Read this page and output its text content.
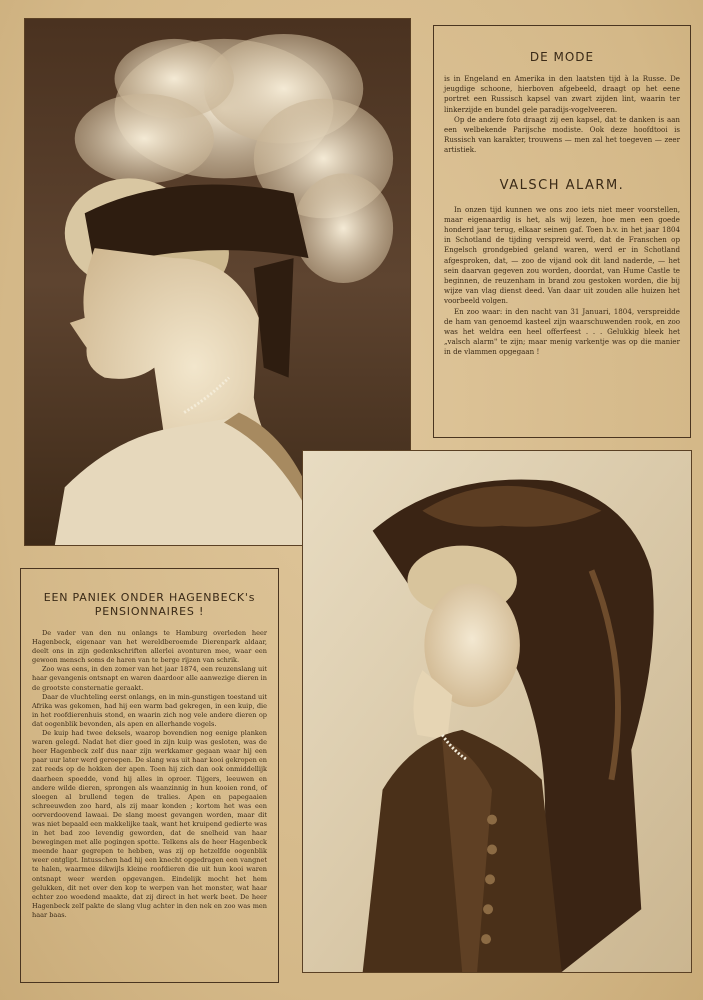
DE MODE

is in Engeland en Amerika in den laatsten tijd à la Russe. De jeugdige schoone, hierboven afgebeeld, draagt op het eene portret een Russisch kapsel van zwart zijden lint, waarin ter linkerzijde en bundel gele paradijs-vogelveeren.

Op de andere foto draagt zij een kapsel, dat te danken is aan een welbekende Parijsche modiste. Ook deze hoofdtooi is Russisch van karakter, trouwens — men zal het toegeven — zeer artistiek.

VALSCH ALARM.

In onzen tijd kunnen we ons zoo iets niet meer voorstellen, maar eigenaardig is het, als wij lezen, hoe men een goede honderd jaar terug, elkaar seinen gaf. Toen b.v. in het jaar 1804 in Schotland de tijding verspreid werd, dat de Franschen op Engelsch grondgebied geland waren, werd er in Schotland afgesproken, dat, — zoo de vijand ook dit land naderde, — het sein daarvan gegeven zou worden, doordat, van Hume Castle te beginnen, de reuzenham in brand zou gestoken worden, die bij wijze van vlag dienst deed. Van daar uit zouden alle huizen het voorbeeld volgen.

En zoo waar: in den nacht van 31 Januari, 1804, verspreidde de ham van genoemd kasteel zijn waarschuwenden rook, en zoo was het weldra een heel offerfeest . . . Gelukkig bleek het „valsch alarm" te zijn; maar menig varkentje was op die manier in de vlammen opgegaan !

EEN PANIEK ONDER HAGENBECK's
PENSIONNAIRES !

De vader van den nu onlangs te Hamburg overleden heer Hagenbeck, eigenaar van het wereldberoemde Dierenpark aldaar, deelt ons in zijn gedenkschriften allerlei avonturen mee, waar een gewoon mensch soms de haren van te berge rijzen van schrik.

Zoo was eens, in den zomer van het jaar 1874, een reuzenslang uit haar gevangenis ontsnapt en waren daardoor alle aanwezige dieren in de grootste consternatie geraakt.

Daar de vluchteling eerst onlangs, en in min-gunstigen toestand uit Afrika was gekomen, had hij een warm bad gekregen, in een kuip, die in het roofdierenhuis stond, en waarin zich nog vele andere dieren op dat oogenblik bevonden, als apen en allerhande vogels.

De kuip had twee deksels, waarop bovendien nog eenige planken waren gelegd. Nadat het dier goed in zijn kuip was gesloten, was de heer Hagenbeck zelf dus naar zijn werkkamer gegaan waar hij een paar uur later werd geroepen. De slang was uit haar kooi gekropen en zat reeds op de hokken der apen. Toen hij zich dan ook onmiddellijk daarheen spoedde, vond hij alles in oproer. Tijgers, leeuwen en andere wilde dieren, sprongen als waanzinnig in hun kooien rond, of sloegen al brullend tegen de tralies. Apen en papegaaien schreeuwden zoo hard, als zij maar konden ; kortom het was een oorverdoovend lawaai. De slang moest gevangen worden, maar dit was niet bepaald een makkelijke taak, want het kruipend gedierte was in het bad zoo levendig geworden, dat de snelheid van haar bewegingen met alle pogingen spotte. Telkens als de heer Hagenbeck meende haar gegrepen te hebben, was zij op hetzelfde oogenblik weer ontglipt. Intusschen had hij een knecht opgedragen een vangnet te halen, waarmee dikwijls kleine roofdieren die uit hun kooi waren ontsnapt weer werden opgevangen. Eindelijk mocht het hem gelukken, dit net over den kop te werpen van het monster, wat haar echter zoo woedend maakte, dat zij direct in het werk beet. De heer Hagenbeck zelf pakte de slang vlug achter in den nek en zoo was men haar baas.
